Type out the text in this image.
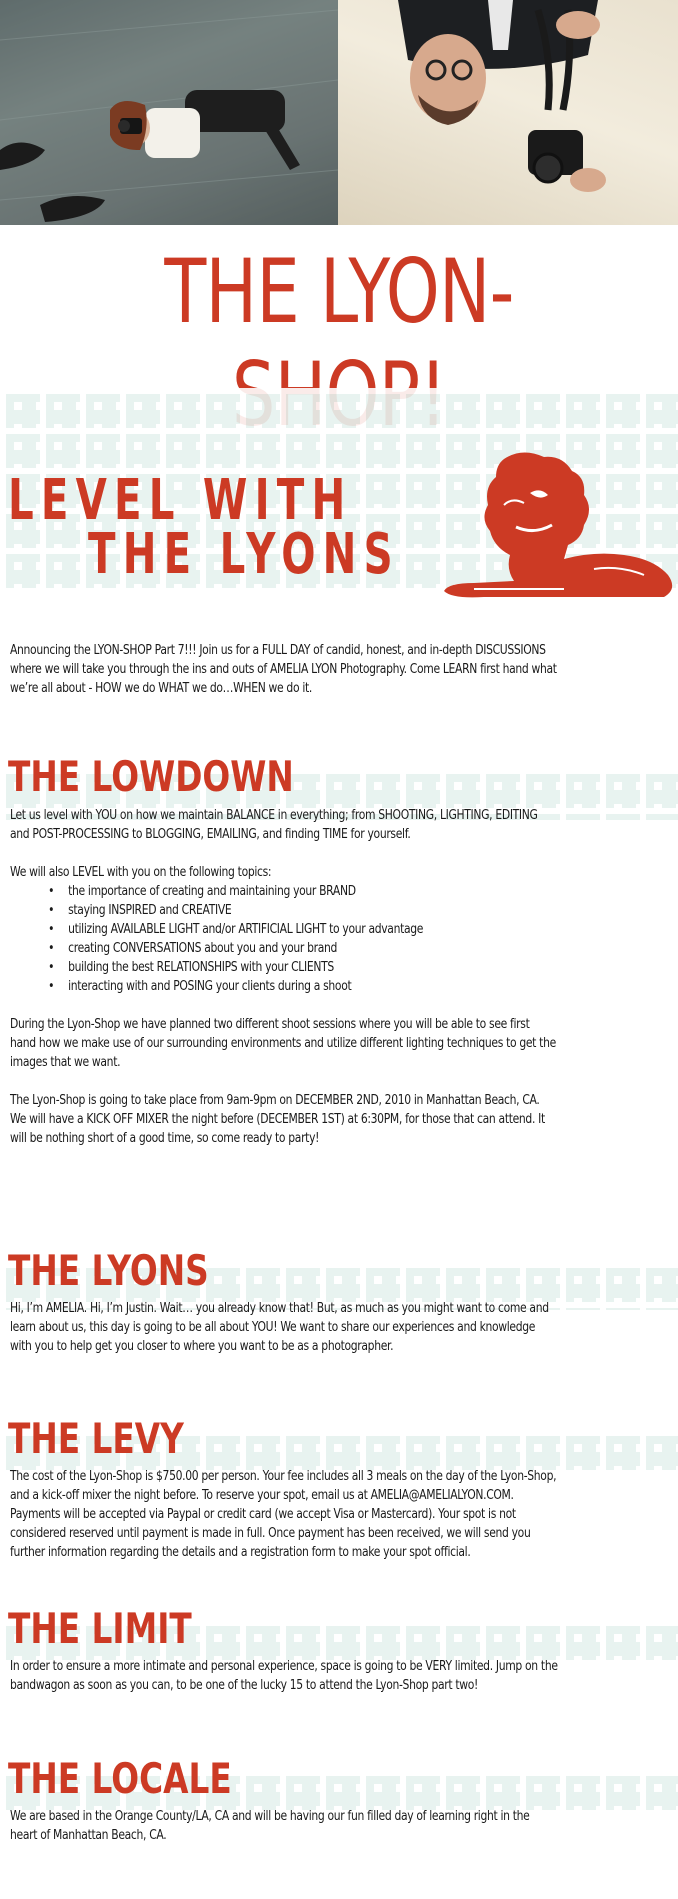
THE LYON-
LEVEL WITH
THE LYONS

Announcing the LYON-SHOP Part 7!!! Join us for a FULL DAY of candid, honest, and in-depth DISCUSSIONS where we will take you through the ins and outs of AMELIA LYON Photography. Come LEARN first hand what we’re all about - HOW we do WHAT we do…WHEN we do it.

THE LOWDOWN

Let us level with YOU on how we maintain BALANCE in everything; from SHOOTING, LIGHTING, EDITING and POST-PROCESSING to BLOGGING, EMAILING, and finding TIME for yourself.

We will also LEVEL with you on the following topics:

• the importance of creating and maintaining your BRAND
• staying INSPIRED and CREATIVE
• utilizing AVAILABLE LIGHT and/or ARTIFICIAL LIGHT to your advantage
• creating CONVERSATIONS about you and your brand
• building the best RELATIONSHIPS with your CLIENTS
• interacting with and POSING your clients during a shoot

During the Lyon-Shop we have planned two different shoot sessions where you will be able to see first hand how we make use of our surrounding environments and utilize different lighting techniques to get the images that we want.

The Lyon-Shop is going to take place from 9am-9pm on DECEMBER 2ND, 2010 in Manhattan Beach, CA.

We will have a KICK OFF MIXER the night before (DECEMBER 1ST) at 6:30PM, for those that can attend. It will be nothing short of a good time, so come ready to party!

THE LYONS

Hi, I’m AMELIA. Hi, I’m Justin. Wait… you already know that! But, as much as you might want to come and learn about us, this day is going to be all about YOU! We want to share our experiences and knowledge with you to help get you closer to where you want to be as a photographer.

THE LEVY

The cost of the Lyon-Shop is $750.00 per person. Your fee includes all 3 meals on the day of the Lyon-Shop, and a kick-off mixer the night before. To reserve your spot, email us at AMELIA@AMELIALYON.COM. Payments will be accepted via Paypal or credit card (we accept Visa or Mastercard). Your spot is not considered reserved until payment is made in full. Once payment has been received, we will send you further information regarding the details and a registration form to make your spot official.

THE LIMIT

In order to ensure a more intimate and personal experience, space is going to be VERY limited. Jump on the bandwagon as soon as you can, to be one of the lucky 15 to attend the Lyon-Shop part two!

THE LOCALE

We are based in the Orange County/LA, CA and will be having our fun filled day of learning right in the heart of Manhattan Beach, CA.
